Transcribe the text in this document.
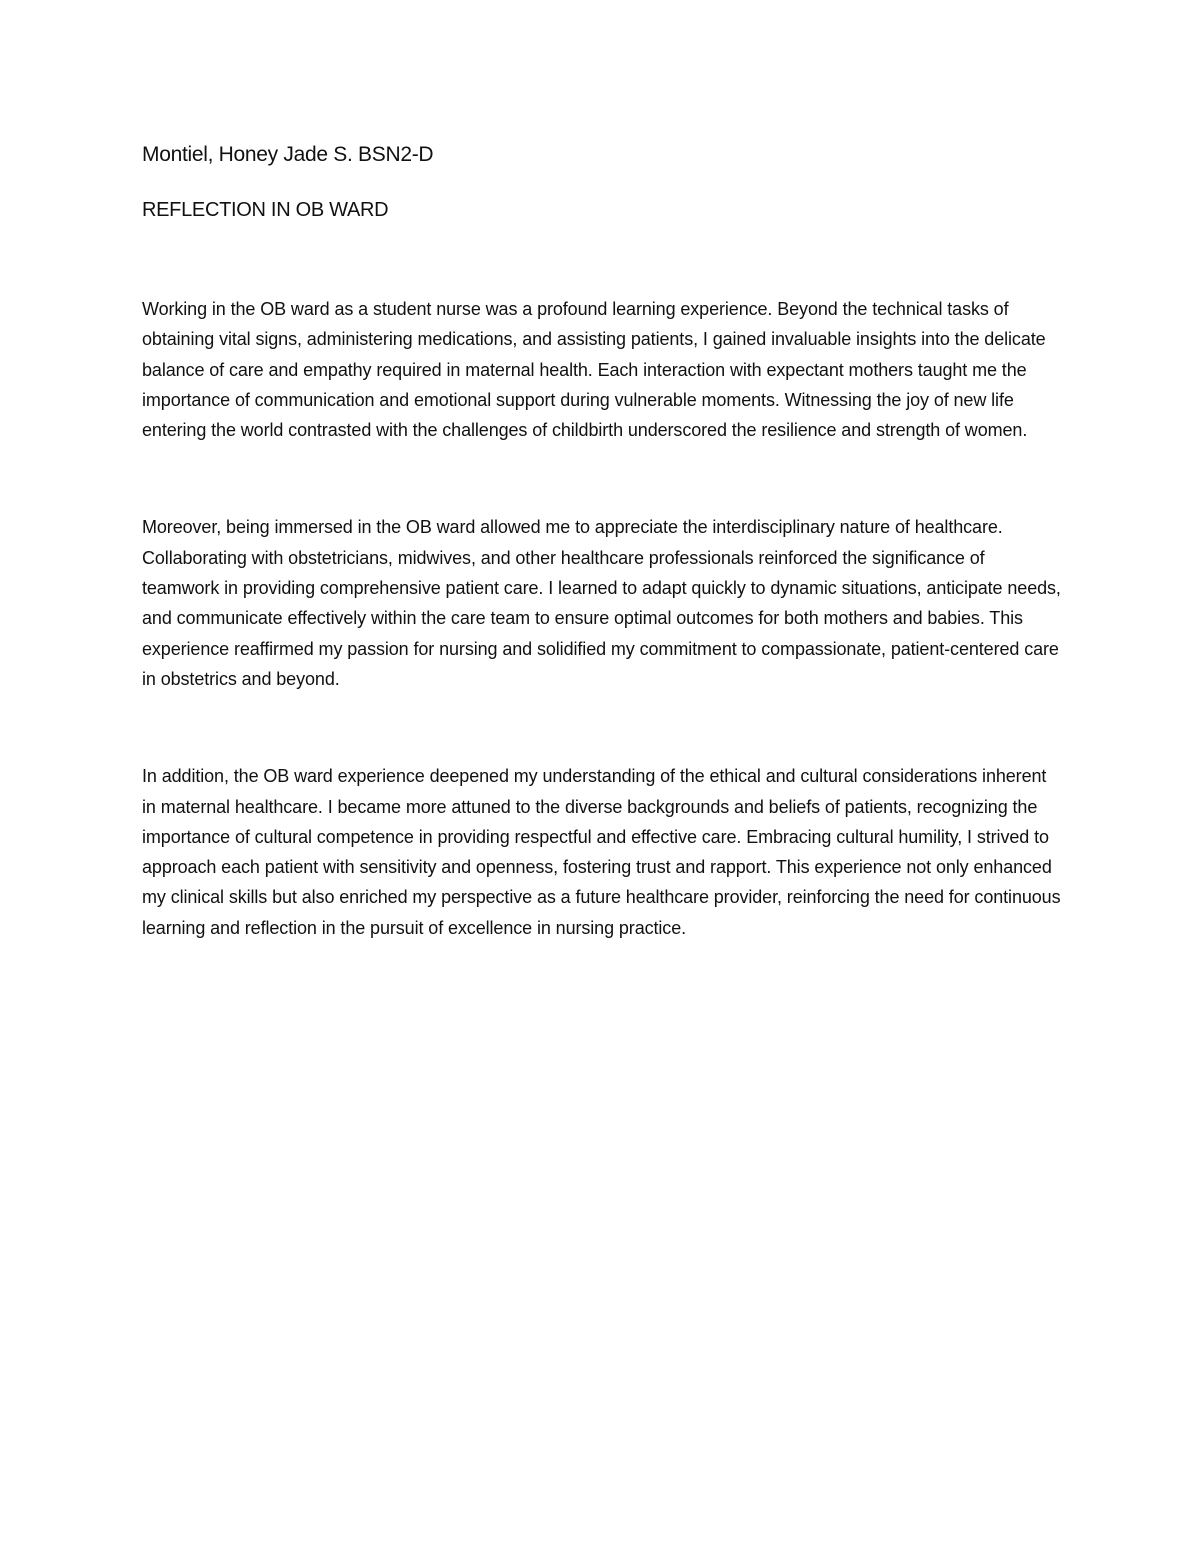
Montiel, Honey Jade S. BSN2-D

REFLECTION IN OB WARD

Working in the OB ward as a student nurse was a profound learning experience. Beyond the technical tasks of obtaining vital signs, administering medications, and assisting patients, I gained invaluable insights into the delicate balance of care and empathy required in maternal health. Each interaction with expectant mothers taught me the importance of communication and emotional support during vulnerable moments. Witnessing the joy of new life entering the world contrasted with the challenges of childbirth underscored the resilience and strength of women.

Moreover, being immersed in the OB ward allowed me to appreciate the interdisciplinary nature of healthcare. Collaborating with obstetricians, midwives, and other healthcare professionals reinforced the significance of teamwork in providing comprehensive patient care. I learned to adapt quickly to dynamic situations, anticipate needs, and communicate effectively within the care team to ensure optimal outcomes for both mothers and babies. This experience reaffirmed my passion for nursing and solidified my commitment to compassionate, patient-centered care in obstetrics and beyond.

In addition, the OB ward experience deepened my understanding of the ethical and cultural considerations inherent in maternal healthcare. I became more attuned to the diverse backgrounds and beliefs of patients, recognizing the importance of cultural competence in providing respectful and effective care. Embracing cultural humility, I strived to approach each patient with sensitivity and openness, fostering trust and rapport. This experience not only enhanced my clinical skills but also enriched my perspective as a future healthcare provider, reinforcing the need for continuous learning and reflection in the pursuit of excellence in nursing practice.
